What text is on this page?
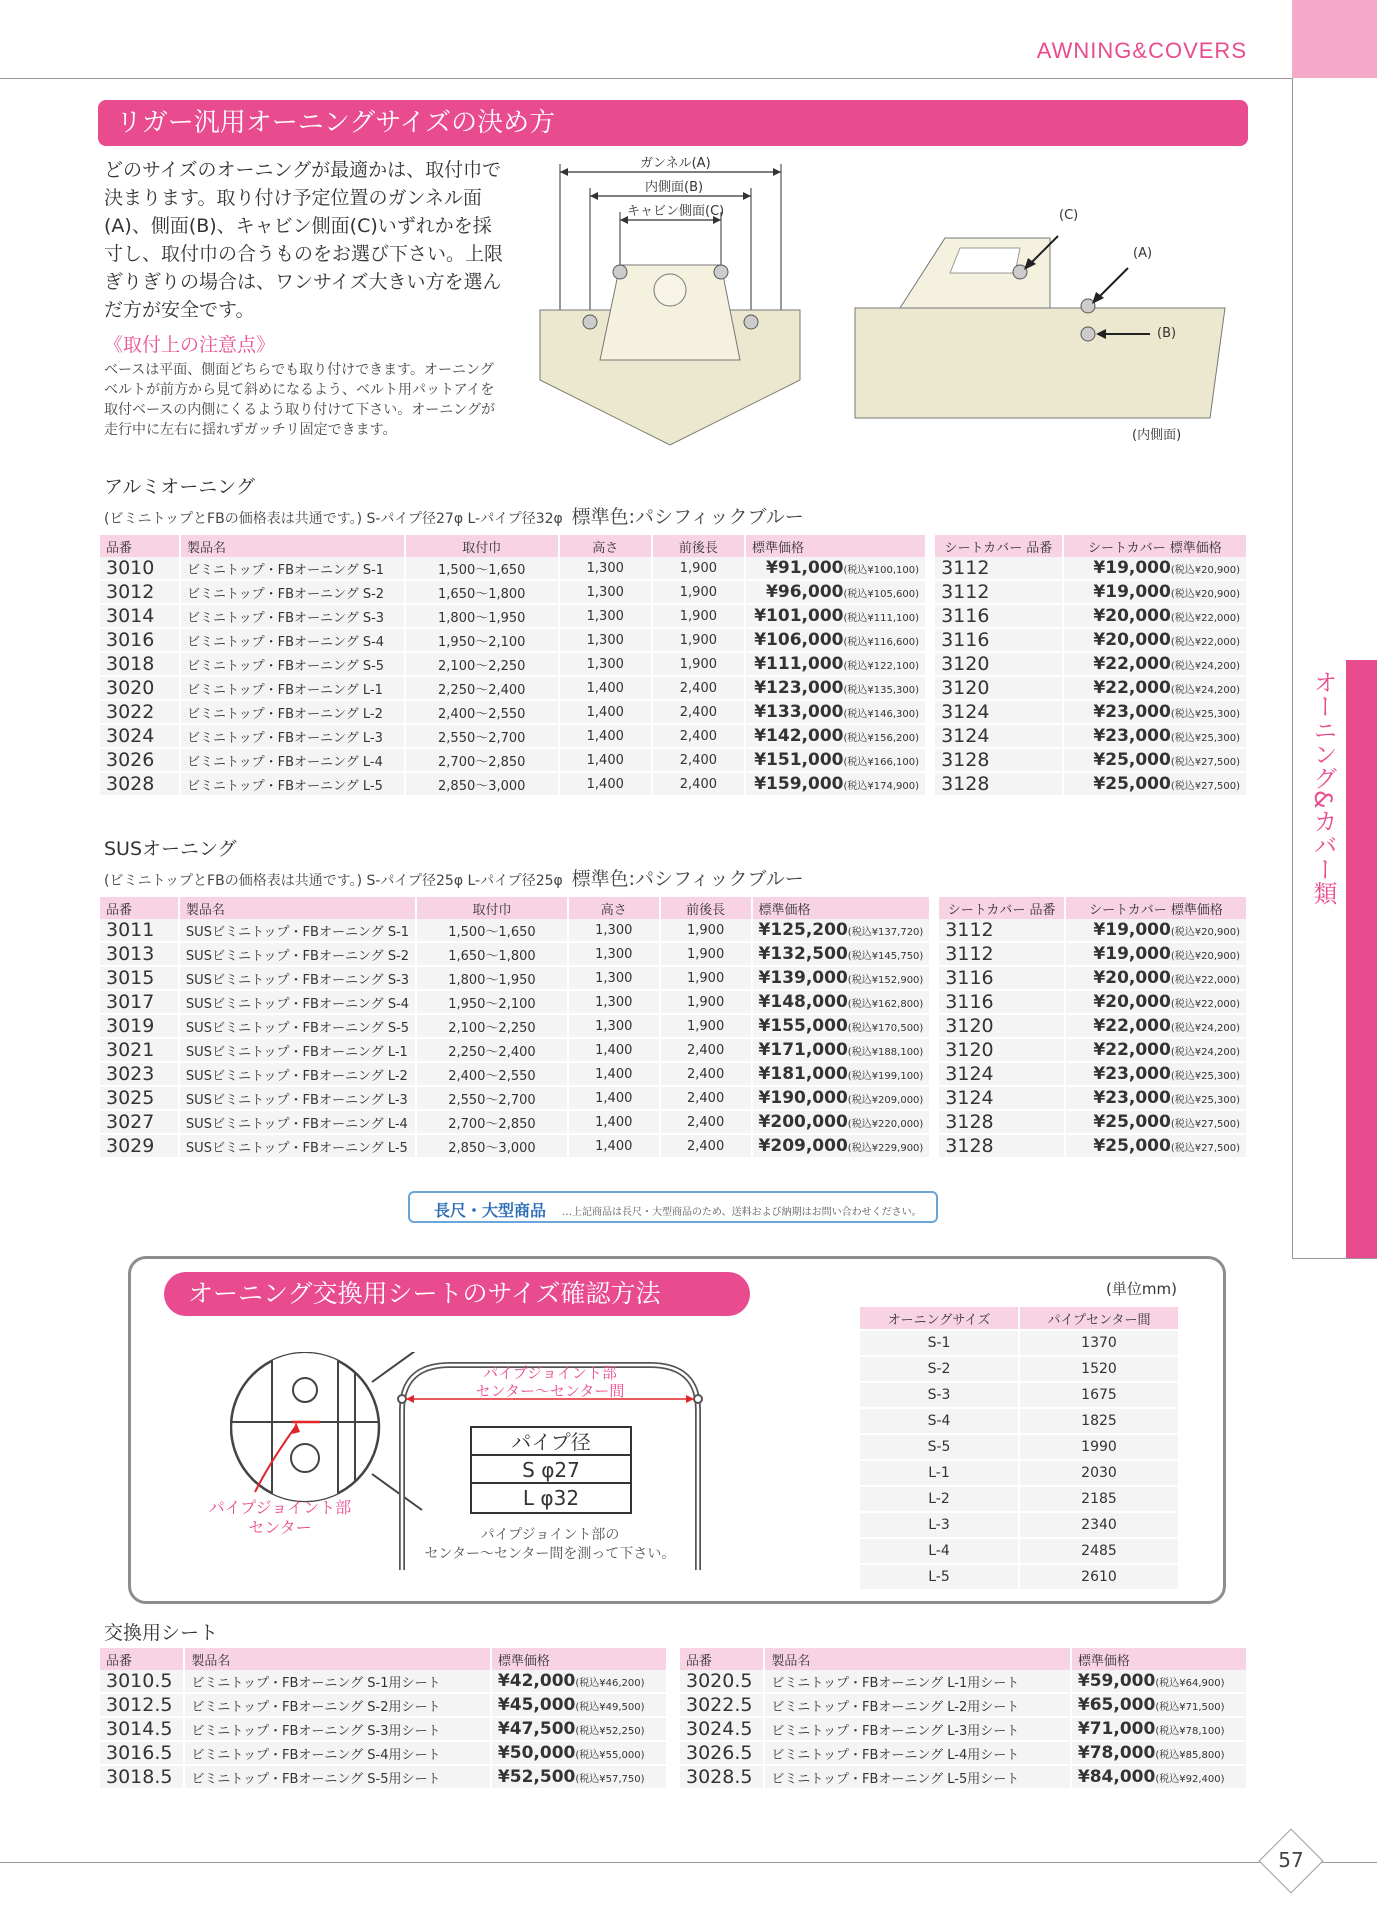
AWNING&COVERS
オーニング&カバー類
リガー汎用オーニングサイズの決め方
どのサイズのオーニングが最適かは、取付巾で決まります。取り付け予定位置のガンネル面(A)、側面(B)、キャビン側面(C)いずれかを採寸し、取付巾の合うものをお選び下さい。上限ぎりぎりの場合は、ワンサイズ大きい方を選んだ方が安全です。
《取付上の注意点》
ベースは平面、側面どちらでも取り付けできます。オーニングベルトが前方から見て斜めになるよう、ベルト用パットアイを取付ベースの内側にくるよう取り付けて下さい。オーニングが走行中に左右に揺れずガッチリ固定できます。
ガンネル(A)
内側面(B)
キャビン側面(C)	(C)
(A)
(B)
(内側面)
アルミオーニング
(ビミニトップとFBの価格表は共通です。) S-パイプ径27φ L-パイプ径32φ 標準色:パシフィックブルー
品番	製品名	取付巾	高さ	前後長	標準価格		シートカバー 品番	シートカバー 標準価格
3010	ビミニトップ・FBオーニング S-1	1,500〜1,650	1,300	1,900	¥91,000(税込¥100,100)		3112	¥19,000(税込¥20,900)
3012	ビミニトップ・FBオーニング S-2	1,650〜1,800	1,300	1,900	¥96,000(税込¥105,600)		3112	¥19,000(税込¥20,900)
3014	ビミニトップ・FBオーニング S-3	1,800〜1,950	1,300	1,900	¥101,000(税込¥111,100)		3116	¥20,000(税込¥22,000)
3016	ビミニトップ・FBオーニング S-4	1,950〜2,100	1,300	1,900	¥106,000(税込¥116,600)		3116	¥20,000(税込¥22,000)
3018	ビミニトップ・FBオーニング S-5	2,100〜2,250	1,300	1,900	¥111,000(税込¥122,100)		3120	¥22,000(税込¥24,200)
3020	ビミニトップ・FBオーニング L-1	2,250〜2,400	1,400	2,400	¥123,000(税込¥135,300)		3120	¥22,000(税込¥24,200)
3022	ビミニトップ・FBオーニング L-2	2,400〜2,550	1,400	2,400	¥133,000(税込¥146,300)		3124	¥23,000(税込¥25,300)
3024	ビミニトップ・FBオーニング L-3	2,550〜2,700	1,400	2,400	¥142,000(税込¥156,200)		3124	¥23,000(税込¥25,300)
3026	ビミニトップ・FBオーニング L-4	2,700〜2,850	1,400	2,400	¥151,000(税込¥166,100)		3128	¥25,000(税込¥27,500)
3028	ビミニトップ・FBオーニング L-5	2,850〜3,000	1,400	2,400	¥159,000(税込¥174,900)		3128	¥25,000(税込¥27,500)
SUSオーニング
(ビミニトップとFBの価格表は共通です。) S-パイプ径25φ L-パイプ径25φ 標準色:パシフィックブルー
品番	製品名	取付巾	高さ	前後長	標準価格		シートカバー 品番	シートカバー 標準価格
3011	SUSビミニトップ・FBオーニング S-1	1,500〜1,650	1,300	1,900	¥125,200(税込¥137,720)		3112	¥19,000(税込¥20,900)
3013	SUSビミニトップ・FBオーニング S-2	1,650〜1,800	1,300	1,900	¥132,500(税込¥145,750)		3112	¥19,000(税込¥20,900)
3015	SUSビミニトップ・FBオーニング S-3	1,800〜1,950	1,300	1,900	¥139,000(税込¥152,900)		3116	¥20,000(税込¥22,000)
3017	SUSビミニトップ・FBオーニング S-4	1,950〜2,100	1,300	1,900	¥148,000(税込¥162,800)		3116	¥20,000(税込¥22,000)
3019	SUSビミニトップ・FBオーニング S-5	2,100〜2,250	1,300	1,900	¥155,000(税込¥170,500)		3120	¥22,000(税込¥24,200)
3021	SUSビミニトップ・FBオーニング L-1	2,250〜2,400	1,400	2,400	¥171,000(税込¥188,100)		3120	¥22,000(税込¥24,200)
3023	SUSビミニトップ・FBオーニング L-2	2,400〜2,550	1,400	2,400	¥181,000(税込¥199,100)		3124	¥23,000(税込¥25,300)
3025	SUSビミニトップ・FBオーニング L-3	2,550〜2,700	1,400	2,400	¥190,000(税込¥209,000)		3124	¥23,000(税込¥25,300)
3027	SUSビミニトップ・FBオーニング L-4	2,700〜2,850	1,400	2,400	¥200,000(税込¥220,000)		3128	¥25,000(税込¥27,500)
3029	SUSビミニトップ・FBオーニング L-5	2,850〜3,000	1,400	2,400	¥209,000(税込¥229,900)		3128	¥25,000(税込¥27,500)
長尺・大型商品 …上記商品は長尺・大型商品のため、送料および納期はお問い合わせください。
オーニング交換用シートのサイズ確認方法	(単位mm)
オーニングサイズ	パイプセンター間
S-1	1370
S-2	1520
S-3	1675
S-4	1825
S-5	1990
L-1	2030
L-2	2185
L-3	2340
L-4	2485
L-5	2610
パイプジョイント部
センター
パイプジョイント部
センター〜センター間
パイプ径
S φ27
L φ32
パイプジョイント部の
センター〜センター間を測って下さい。
交換用シート
品番	製品名	標準価格
3010.5	ビミニトップ・FBオーニング S-1用シート	¥42,000(税込¥46,200)
3012.5	ビミニトップ・FBオーニング S-2用シート	¥45,000(税込¥49,500)
3014.5	ビミニトップ・FBオーニング S-3用シート	¥47,500(税込¥52,250)
3016.5	ビミニトップ・FBオーニング S-4用シート	¥50,000(税込¥55,000)
3018.5	ビミニトップ・FBオーニング S-5用シート	¥52,500(税込¥57,750)
品番	製品名	標準価格
3020.5	ビミニトップ・FBオーニング L-1用シート	¥59,000(税込¥64,900)
3022.5	ビミニトップ・FBオーニング L-2用シート	¥65,000(税込¥71,500)
3024.5	ビミニトップ・FBオーニング L-3用シート	¥71,000(税込¥78,100)
3026.5	ビミニトップ・FBオーニング L-4用シート	¥78,000(税込¥85,800)
3028.5	ビミニトップ・FBオーニング L-5用シート	¥84,000(税込¥92,400)
57
